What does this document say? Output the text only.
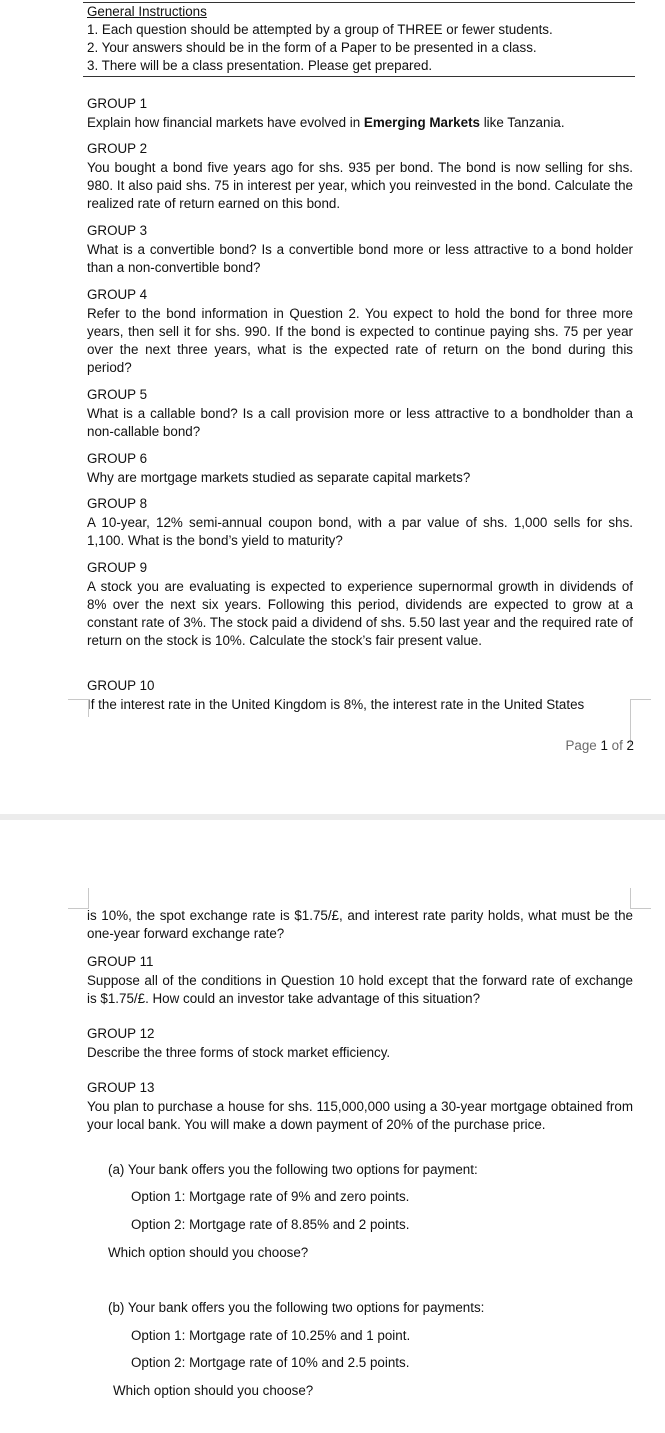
General Instructions

1. Each question should be attempted by a group of THREE or fewer students.

2. Your answers should be in the form of a Paper to be presented in a class.

3. There will be a class presentation. Please get prepared.

GROUP 1

Explain how financial markets have evolved in Emerging Markets like Tanzania.

GROUP 2

You bought a bond five years ago for shs. 935 per bond. The bond is now selling for shs. 980. It also paid shs. 75 in interest per year, which you reinvested in the bond. Calculate the realized rate of return earned on this bond.

GROUP 3

What is a convertible bond? Is a convertible bond more or less attractive to a bond holder than a non-convertible bond?

GROUP 4

Refer to the bond information in Question 2. You expect to hold the bond for three more years, then sell it for shs. 990. If the bond is expected to continue paying shs. 75 per year over the next three years, what is the expected rate of return on the bond during this period?

GROUP 5

What is a callable bond? Is a call provision more or less attractive to a bondholder than a non-callable bond?

GROUP 6

Why are mortgage markets studied as separate capital markets?

GROUP 8

A 10-year, 12% semi-annual coupon bond, with a par value of shs. 1,000 sells for shs. 1,100. What is the bond’s yield to maturity?

GROUP 9

A stock you are evaluating is expected to experience supernormal growth in dividends of 8% over the next six years. Following this period, dividends are expected to grow at a constant rate of 3%. The stock paid a dividend of shs. 5.50 last year and the required rate of return on the stock is 10%. Calculate the stock’s fair present value.

GROUP 10

If the interest rate in the United Kingdom is 8%, the interest rate in the United States

Page 1 of 2

is 10%, the spot exchange rate is $1.75/£, and interest rate parity holds, what must be the one-year forward exchange rate?

GROUP 11

Suppose all of the conditions in Question 10 hold except that the forward rate of exchange is $1.75/£. How could an investor take advantage of this situation?

GROUP 12

Describe the three forms of stock market efficiency.

GROUP 13

You plan to purchase a house for shs. 115,000,000 using a 30-year mortgage obtained from your local bank. You will make a down payment of 20% of the purchase price.

(a) Your bank offers you the following two options for payment:

Option 1: Mortgage rate of 9% and zero points.

Option 2: Mortgage rate of 8.85% and 2 points.

Which option should you choose?

(b) Your bank offers you the following two options for payments:

Option 1: Mortgage rate of 10.25% and 1 point.

Option 2: Mortgage rate of 10% and 2.5 points.

Which option should you choose?
